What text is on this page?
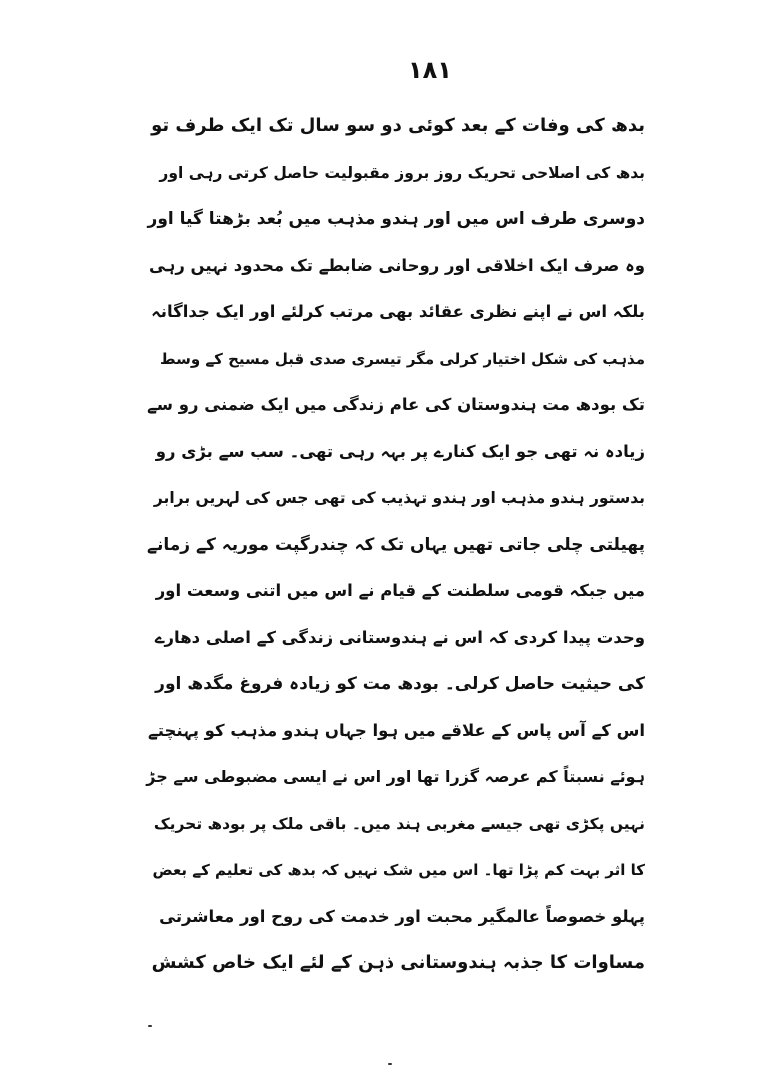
۱۸۱
بدھ کی وفات کے بعد کوئی دو سو سال تک ایک طرف تو
بدھ کی اصلاحی تحریک روز بروز مقبولیت حاصل کرتی رہی اور
دوسری طرف اس میں اور ہندو مذہب میں بُعد بڑھتا گیا اور
وہ صرف ایک اخلاقی اور روحانی ضابطے تک محدود نہیں رہی
بلکہ اس نے اپنے نظری عقائد بھی مرتب کرلئے اور ایک جداگانہ
مذہب کی شکل اختیار کرلی مگر تیسری صدی قبل مسیح کے وسط
تک بودھ مت ہندوستان کی عام زندگی میں ایک ضمنی رو سے
زیادہ نہ تھی جو ایک کنارے پر بہہ رہی تھی۔ سب سے بڑی رو
بدستور ہندو مذہب اور ہندو تہذیب کی تھی جس کی لہریں برابر
پھیلتی چلی جاتی تھیں یہاں تک کہ چندرگپت موریہ کے زمانے
میں جبکہ قومی سلطنت کے قیام نے اس میں اتنی وسعت اور
وحدت پیدا کردی کہ اس نے ہندوستانی زندگی کے اصلی دھارے
کی حیثیت حاصل کرلی۔ بودھ مت کو زیادہ فروغ مگدھ اور
اس کے آس پاس کے علاقے میں ہوا جہاں ہندو مذہب کو پہنچتے
ہوئے نسبتاً کم عرصہ گزرا تھا اور اس نے ایسی مضبوطی سے جڑ
نہیں پکڑی تھی جیسے مغربی ہند میں۔ باقی ملک پر بودھ تحریک
کا اثر بہت کم پڑا تھا۔ اس میں شک نہیں کہ بدھ کی تعلیم کے بعض
پہلو خصوصاً عالمگیر محبت اور خدمت کی روح اور معاشرتی
مساوات کا جذبہ ہندوستانی ذہن کے لئے ایک خاص کشش
